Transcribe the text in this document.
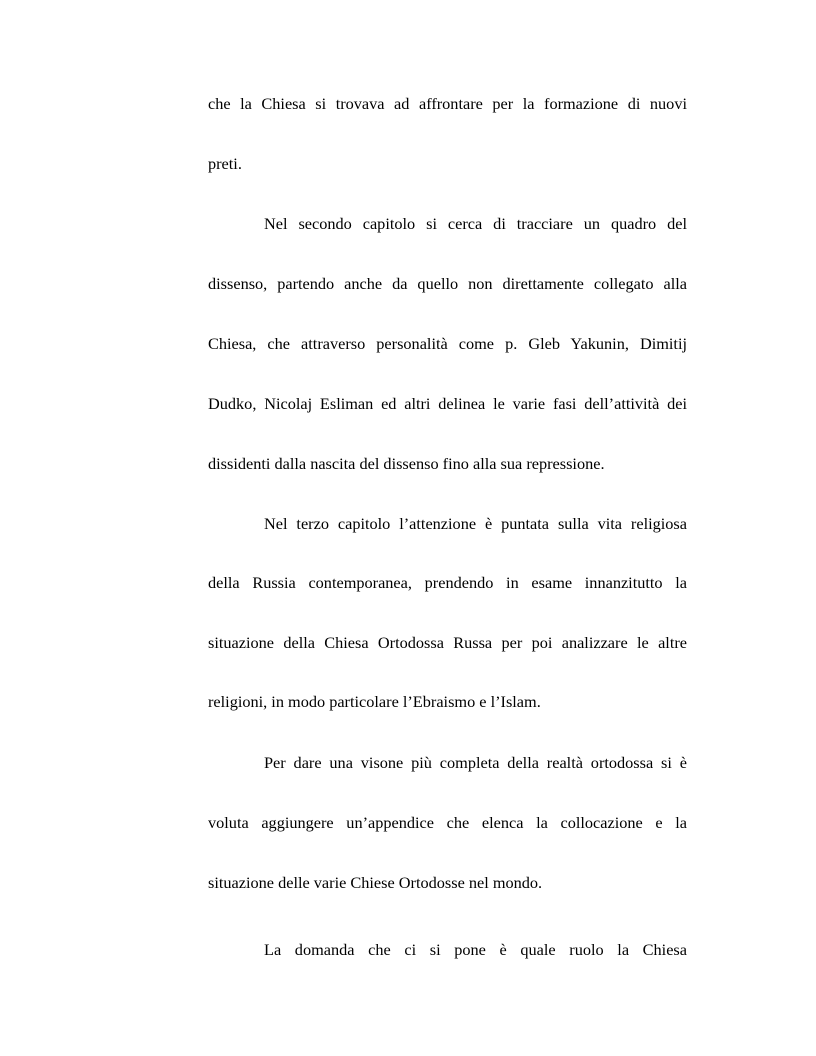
che la Chiesa si trovava ad affrontare per la formazione di nuovi
preti.
Nel secondo capitolo si cerca di tracciare un quadro del
dissenso, partendo anche da quello non direttamente collegato alla
Chiesa, che attraverso personalità come p. Gleb Yakunin, Dimitij
Dudko, Nicolaj Esliman ed altri delinea le varie fasi dell’attività dei
dissidenti dalla nascita del dissenso fino alla sua repressione.
Nel terzo capitolo l’attenzione è puntata sulla vita religiosa
della Russia contemporanea, prendendo in esame innanzitutto la
situazione della Chiesa Ortodossa Russa per poi analizzare le altre
religioni, in modo particolare l’Ebraismo e l’Islam.
Per dare una visone più completa della realtà ortodossa si è
voluta aggiungere un’appendice che elenca la collocazione e la
situazione delle varie Chiese Ortodosse nel mondo.
La domanda che ci si pone è quale ruolo la Chiesa
